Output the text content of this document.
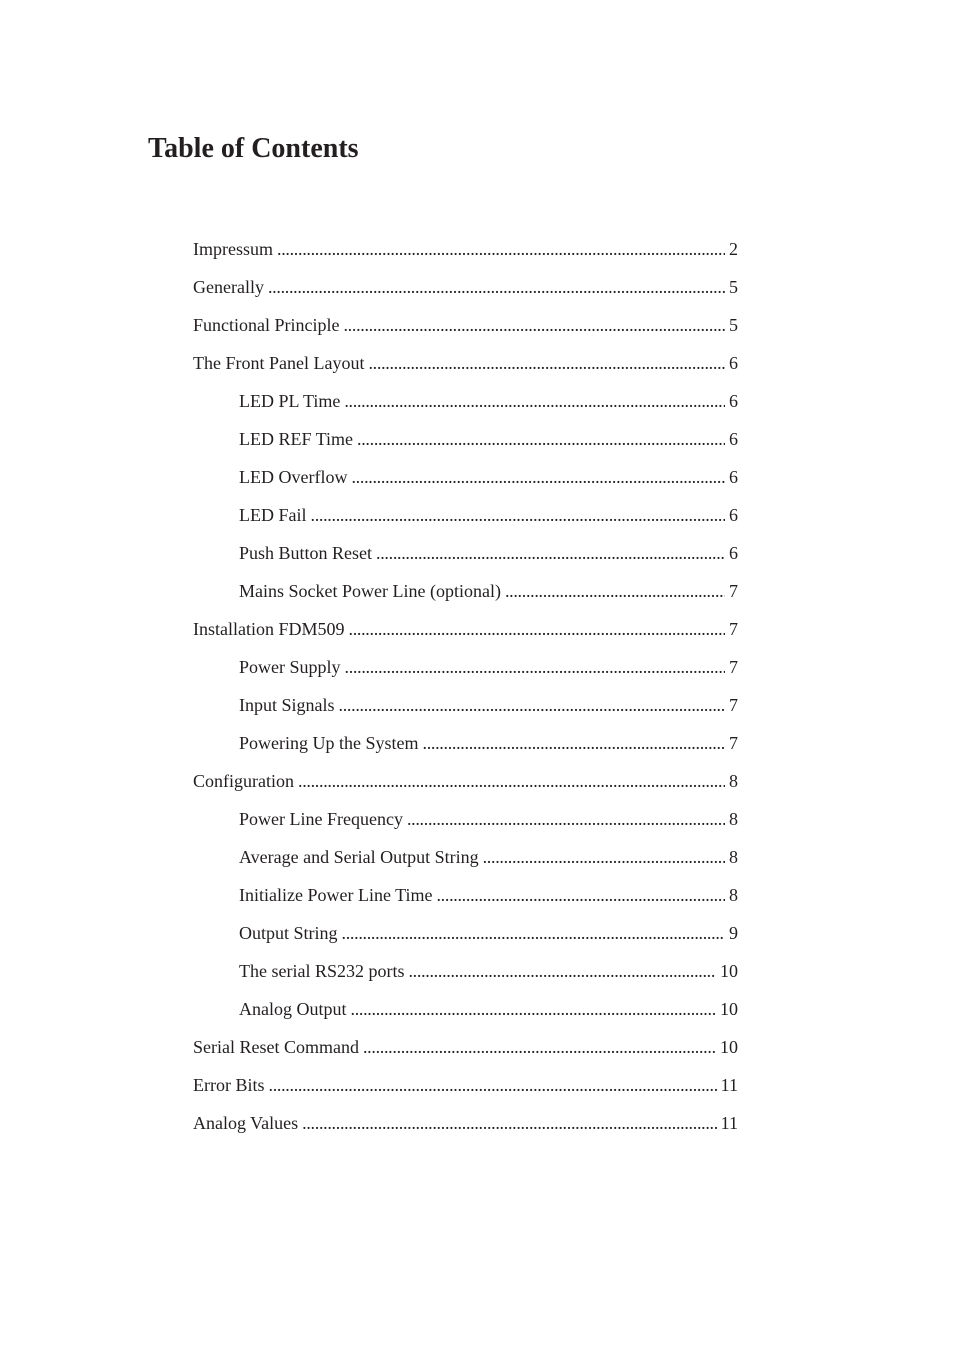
Table of Contents
Impressum . . .	2
Generally . . .	5
Functional Principle . . .	5
The Front Panel Layout . . .	6
LED PL Time . . .	6
LED REF Time . . .	6
LED Overflow . . .	6
LED Fail . . .	6
Push Button Reset . . .	6
Mains Socket Power Line (optional) . . .	7
Installation FDM509 . . .	7
Power Supply . . .	7
Input Signals . . .	7
Powering Up the System . . .	7
Configuration . . .	8
Power Line Frequency . . .	8
Average and Serial Output String . . .	8
Initialize Power Line Time . . .	8
Output String . . .	9
The serial RS232 ports . . .	10
Analog Output . . .	10
Serial Reset Command . . .	10
Error Bits . . .	11
Analog Values . . .	11
